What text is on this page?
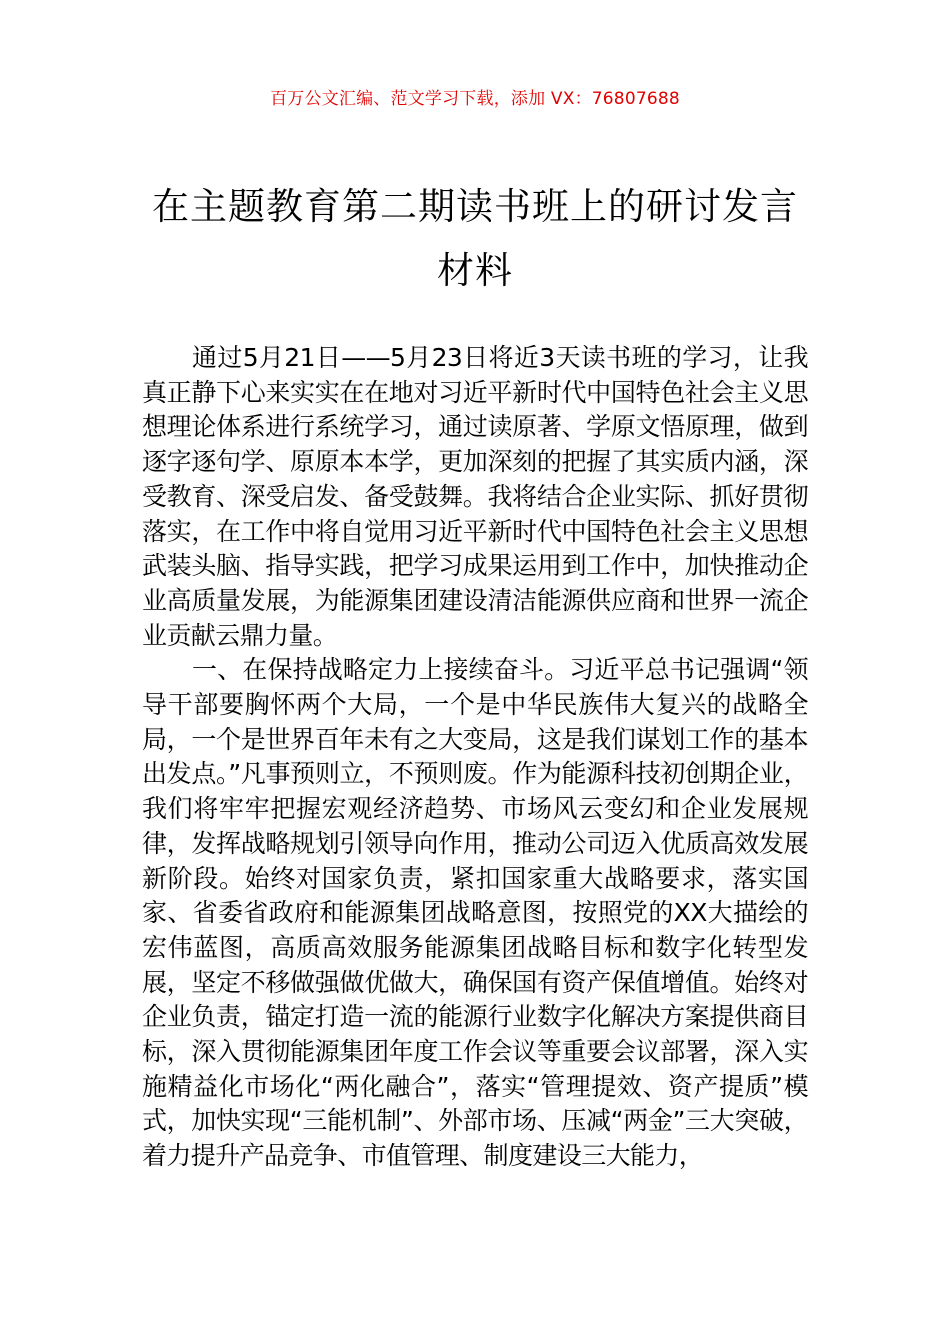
百万公文汇编、范文学习下载，添加 VX：76807688
在主题教育第二期读书班上的研讨发言材料

通过5月21日——5月23日将近3天读书班的学习，让我真正静下心来实实在在地对习近平新时代中国特色社会主义思想理论体系进行系统学习，通过读原著、学原文悟原理，做到逐字逐句学、原原本本学，更加深刻的把握了其实质内涵，深受教育、深受启发、备受鼓舞。我将结合企业实际、抓好贯彻落实，在工作中将自觉用习近平新时代中国特色社会主义思想武装头脑、指导实践，把学习成果运用到工作中，加快推动企业高质量发展，为能源集团建设清洁能源供应商和世界一流企业贡献云鼎力量。

一、在保持战略定力上接续奋斗。习近平总书记强调“领导干部要胸怀两个大局，一个是中华民族伟大复兴的战略全局，一个是世界百年未有之大变局，这是我们谋划工作的基本出发点。”凡事预则立，不预则废。作为能源科技初创期企业，我们将牢牢把握宏观经济趋势、市场风云变幻和企业发展规律，发挥战略规划引领导向作用，推动公司迈入优质高效发展新阶段。始终对国家负责，紧扣国家重大战略要求，落实国家、省委省政府和能源集团战略意图，按照党的XX大描绘的宏伟蓝图，高质高效服务能源集团战略目标和数字化转型发展，坚定不移做强做优做大，确保国有资产保值增值。始终对企业负责，锚定打造一流的能源行业数字化解决方案提供商目标，深入贯彻能源集团年度工作会议等重要会议部署，深入实施精益化市场化“两化融合”，落实“管理提效、资产提质”模式，加快实现“三能机制”、外部市场、压减“两金”三大突破，着力提升产品竞争、市值管理、制度建设三大能力，
